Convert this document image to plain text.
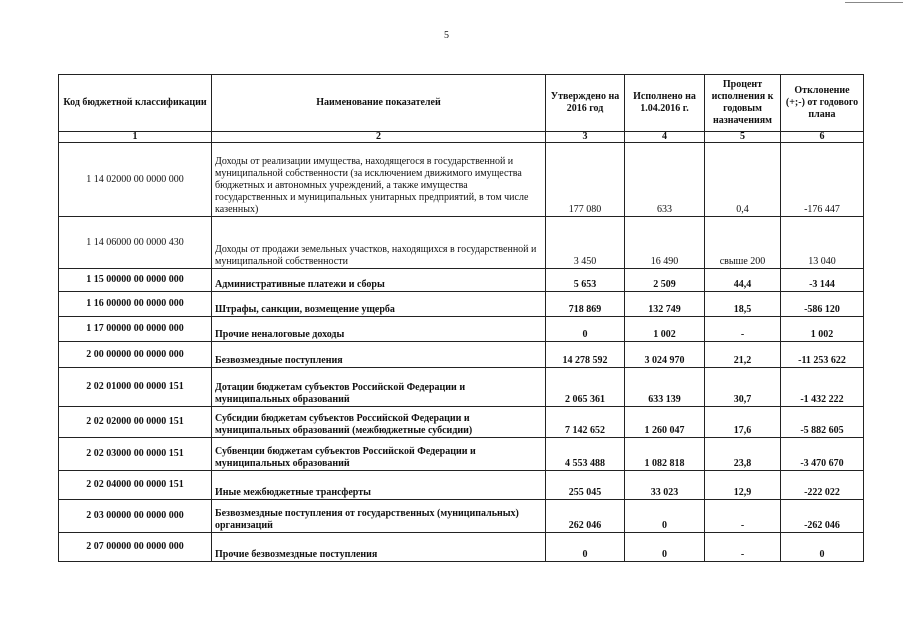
5
Код бюджетной классификации	Наименование показателей	Утверждено на 2016 год	Исполнено на 1.04.2016 г.	Процент исполнения к годовым назначениям	Отклонение (+;-) от годового плана
1	2	3	4	5	6
1 14 02000 00 0000 000	Доходы от реализации имущества, находящегося в государственной и муниципальной собственности (за исключением движимого имущества бюджетных и автономных учреждений, а также имущества государственных и муниципальных унитарных предприятий, в том числе казенных)	177 080	633	0,4	-176 447
1 14 06000 00 0000 430	Доходы от продажи земельных участков, находящихся в государственной и муниципальной собственности	3 450	16 490	свыше 200	13 040
1 15 00000 00 0000 000	Административные платежи и сборы	5 653	2 509	44,4	-3 144
1 16 00000 00 0000 000	Штрафы, санкции, возмещение ущерба	718 869	132 749	18,5	-586 120
1 17 00000 00 0000 000	Прочие неналоговые доходы	0	1 002	-	1 002
2 00 00000 00 0000 000	Безвозмездные поступления	14 278 592	3 024 970	21,2	-11 253 622
2 02 01000 00 0000 151	Дотации бюджетам субъектов Российской Федерации и муниципальных образований	2 065 361	633 139	30,7	-1 432 222
2 02 02000 00 0000 151	Субсидии бюджетам субъектов Российской Федерации и муниципальных образований (межбюджетные субсидии)	7 142 652	1 260 047	17,6	-5 882 605
2 02 03000 00 0000 151	Субвенции бюджетам субъектов Российской Федерации и муниципальных образований	4 553 488	1 082 818	23,8	-3 470 670
2 02 04000 00 0000 151	Иные межбюджетные трансферты	255 045	33 023	12,9	-222 022
2 03 00000 00 0000 000	Безвозмездные поступления от государственных (муниципальных) организаций	262 046	0	-	-262 046
2 07 00000 00 0000 000	Прочие безвозмездные поступления	0	0	-	0
